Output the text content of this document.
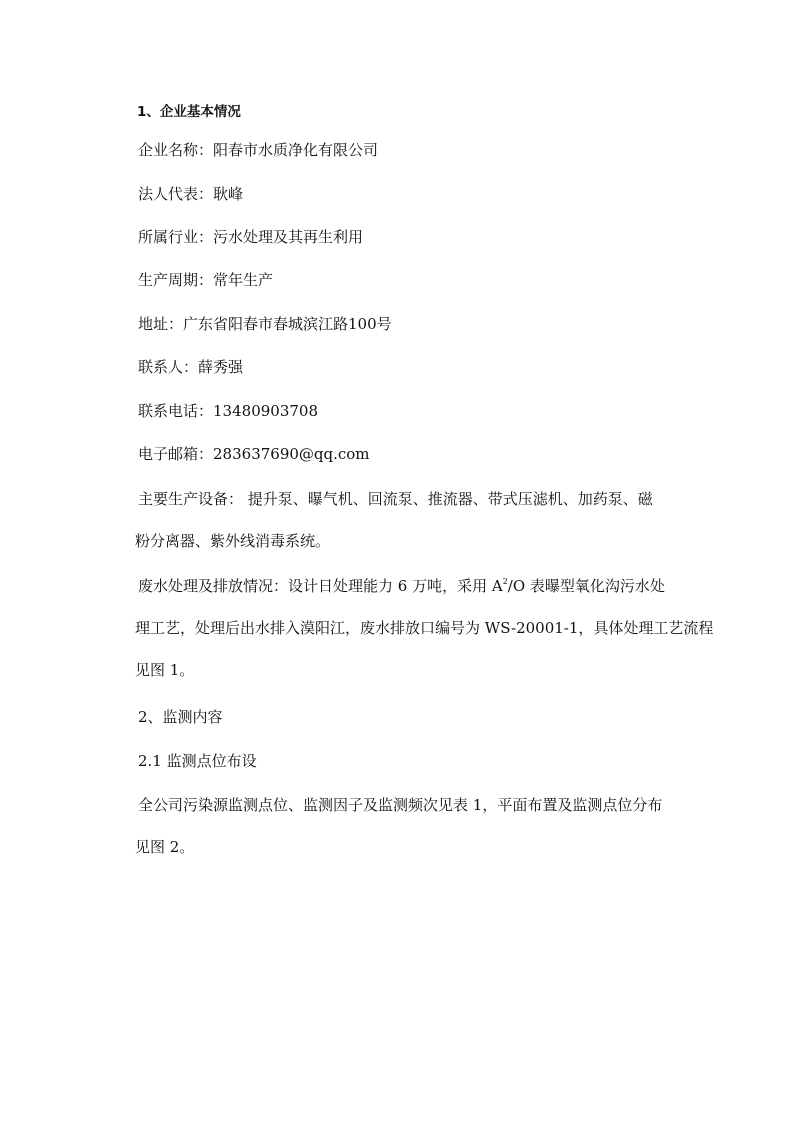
1、企业基本情况
企业名称：阳春市水质净化有限公司
法人代表：耿峰
所属行业：污水处理及其再生利用
生产周期：常年生产
地址：广东省阳春市春城滨江路100号
联系人：薛秀强
联系电话：13480903708
电子邮箱：283637690@qq.com
主要生产设备： 提升泵、曝气机、回流泵、推流器、带式压滤机、加药泵、磁
粉分离器、紫外线消毒系统。
废水处理及排放情况：设计日处理能力 6 万吨，采用 $A^2/O$ 表曝型氧化沟污水处
理工艺，处理后出水排入漠阳江，废水排放口编号为 WS-20001-1，具体处理工艺流程
见图 1。
2、监测内容
2.1 监测点位布设
全公司污染源监测点位、监测因子及监测频次见表 1，平面布置及监测点位分布
见图 2。
